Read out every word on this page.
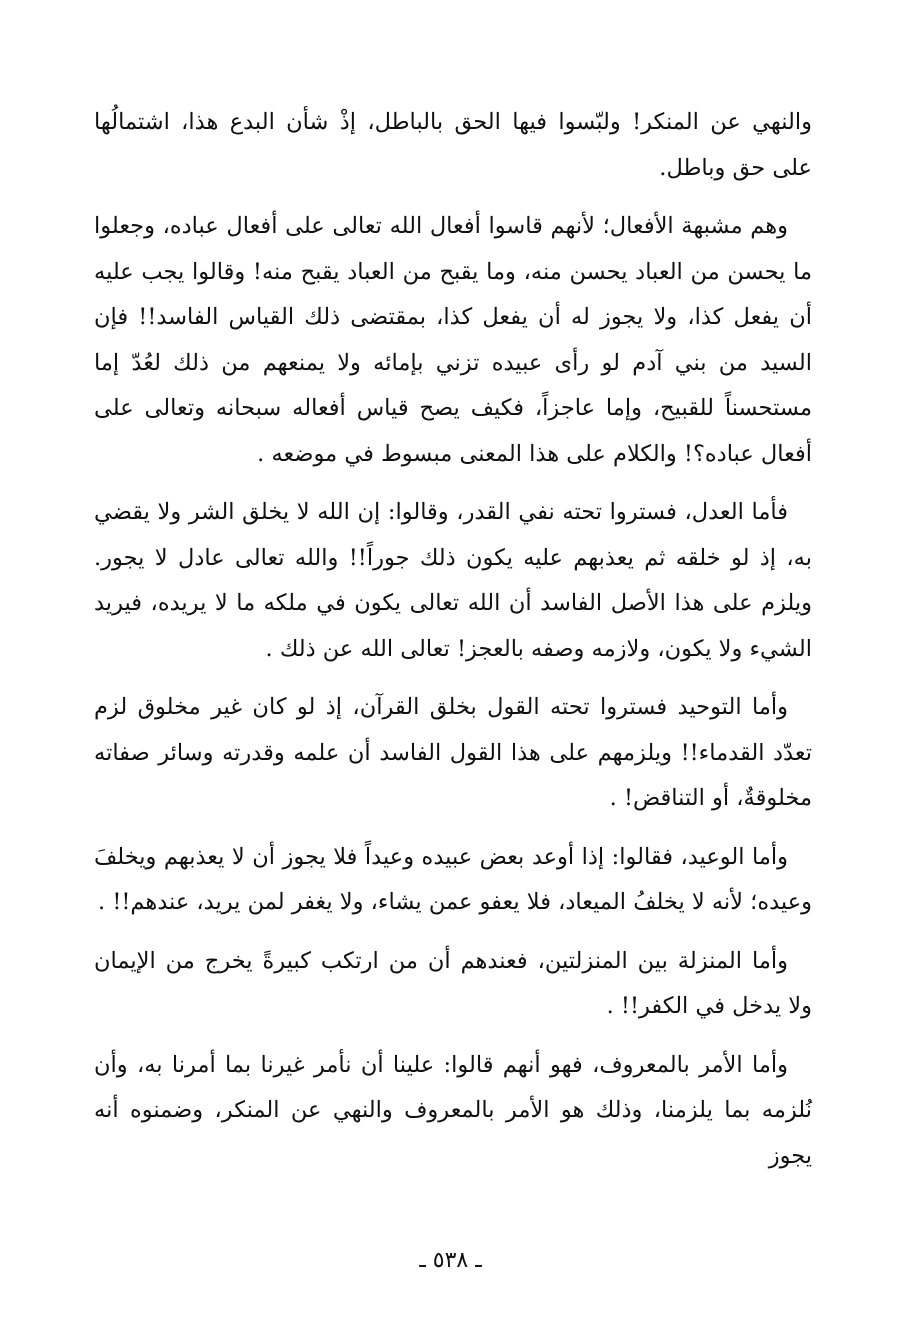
والنهي عن المنكر! ولبّسوا فيها الحق بالباطل، إذْ شأن البدع هذا، اشتمالُها على حق وباطل.

وهم مشبهة الأفعال؛ لأنهم قاسوا أفعال الله تعالى على أفعال عباده، وجعلوا ما يحسن من العباد يحسن منه، وما يقبح من العباد يقبح منه! وقالوا يجب عليه أن يفعل كذا، ولا يجوز له أن يفعل كذا، بمقتضى ذلك القياس الفاسد!! فإن السيد من بني آدم لو رأى عبيده تزني بإمائه ولا يمنعهم من ذلك لعُدّ إما مستحسناً للقبيح، وإما عاجزاً، فكيف يصح قياس أفعاله سبحانه وتعالى على أفعال عباده؟! والكلام على هذا المعنى مبسوط في موضعه .

فأما العدل، فستروا تحته نفي القدر، وقالوا: إن الله لا يخلق الشر ولا يقضي به، إذ لو خلقه ثم يعذبهم عليه يكون ذلك جوراً!! والله تعالى عادل لا يجور. ويلزم على هذا الأصل الفاسد أن الله تعالى يكون في ملكه ما لا يريده، فيريد الشيء ولا يكون، ولازمه وصفه بالعجز! تعالى الله عن ذلك .

وأما التوحيد فستروا تحته القول بخلق القرآن، إذ لو كان غير مخلوق لزم تعدّد القدماء!! ويلزمهم على هذا القول الفاسد أن علمه وقدرته وسائر صفاته مخلوقةٌ، أو التناقض! .

وأما الوعيد، فقالوا: إذا أوعد بعض عبيده وعيداً فلا يجوز أن لا يعذبهم ويخلفَ وعيده؛ لأنه لا يخلفُ الميعاد، فلا يعفو عمن يشاء، ولا يغفر لمن يريد، عندهم!! .

وأما المنزلة بين المنزلتين، فعندهم أن من ارتكب كبيرةً يخرج من الإيمان ولا يدخل في الكفر!! .

وأما الأمر بالمعروف، فهو أنهم قالوا: علينا أن نأمر غيرنا بما أمرنا به، وأن نُلزمه بما يلزمنا، وذلك هو الأمر بالمعروف والنهي عن المنكر، وضمنوه أنه يجوز

ـ ٥٣٨ ـ
